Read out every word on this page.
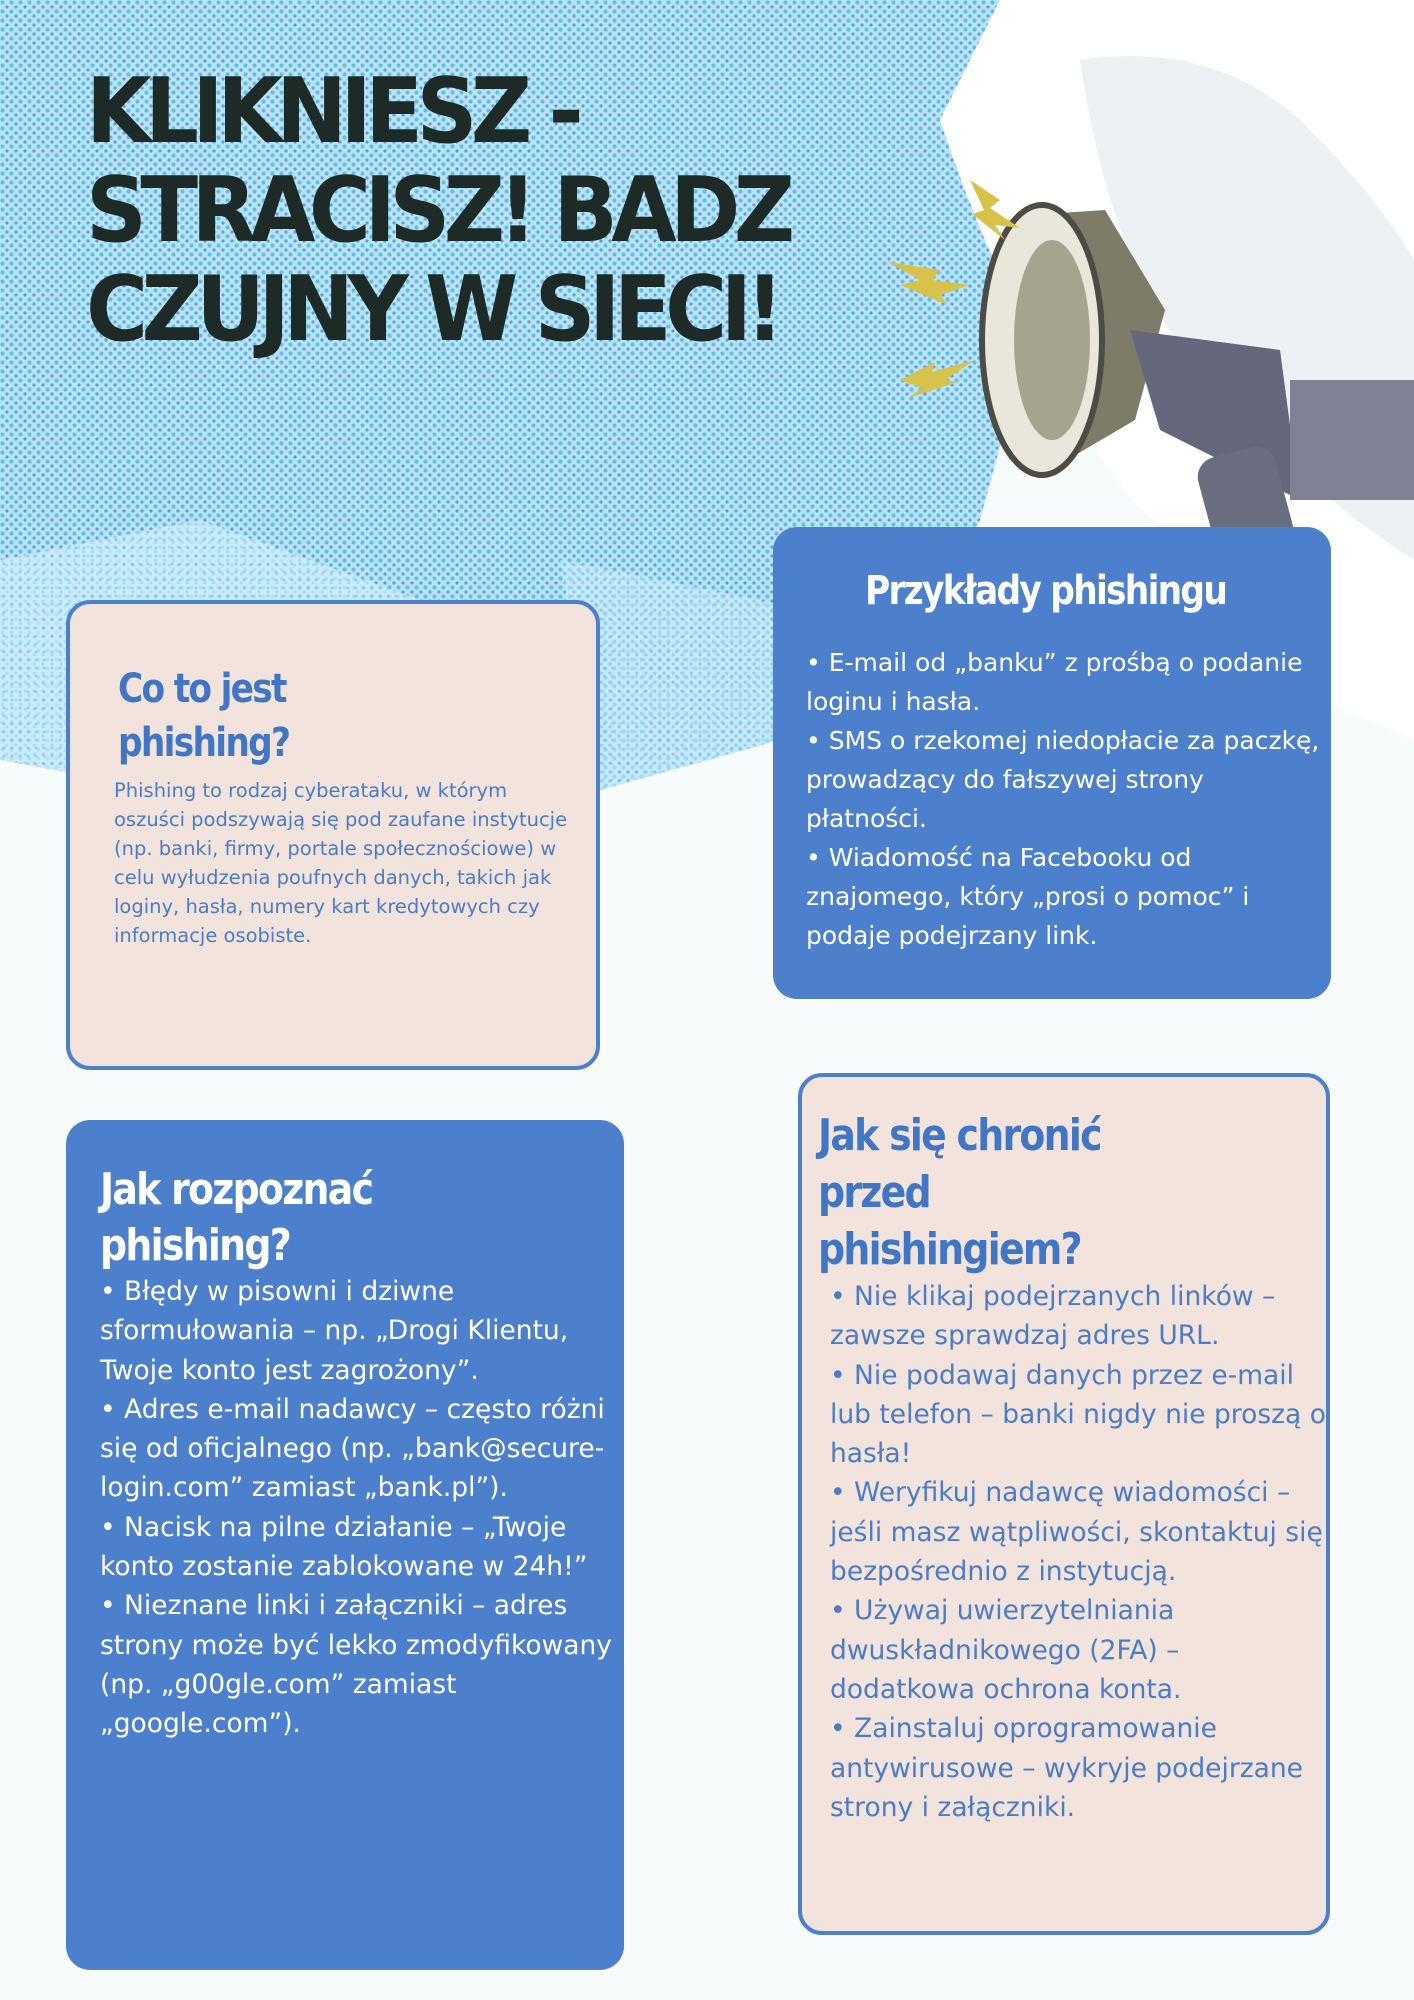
KLIKNIESZ - STRACISZ! BADZ CZUJNY W SIECI!
Co to jest phishing?
Phishing to rodzaj cyberataku, w którym oszuści podszywają się pod zaufane instytucje (np. banki, firmy, portale społecznościowe) w celu wyłudzenia poufnych danych, takich jak loginy, hasła, numery kart kredytowych czy informacje osobiste.
Przykłady phishingu
• E-mail od „banku” z prośbą o podanie loginu i hasła.
• SMS o rzekomej niedopłacie za paczkę, prowadzący do fałszywej strony płatności.
• Wiadomość na Facebooku od znajomego, który „prosi o pomoc” i podaje podejrzany link.
Jak rozpoznać phishing?
• Błędy w pisowni i dziwne sformułowania – np. „Drogi Klientu, Twoje konto jest zagrożony”.
• Adres e-mail nadawcy – często różni się od oficjalnego (np. „bank@secure-login.com” zamiast „bank.pl”).
• Nacisk na pilne działanie – „Twoje konto zostanie zablokowane w 24h!”
• Nieznane linki i załączniki – adres strony może być lekko zmodyfikowany (np. „g00gle.com” zamiast „google.com”).
Jak się chronić przed phishingiem?
• Nie klikaj podejrzanych linków – zawsze sprawdzaj adres URL.
• Nie podawaj danych przez e-mail lub telefon – banki nigdy nie proszą o hasła!
• Weryfikuj nadawcę wiadomości – jeśli masz wątpliwości, skontaktuj się bezpośrednio z instytucją.
• Używaj uwierzytelniania dwuskładnikowego (2FA) – dodatkowa ochrona konta.
• Zainstaluj oprogramowanie antywirusowe – wykryje podejrzane strony i załączniki.
